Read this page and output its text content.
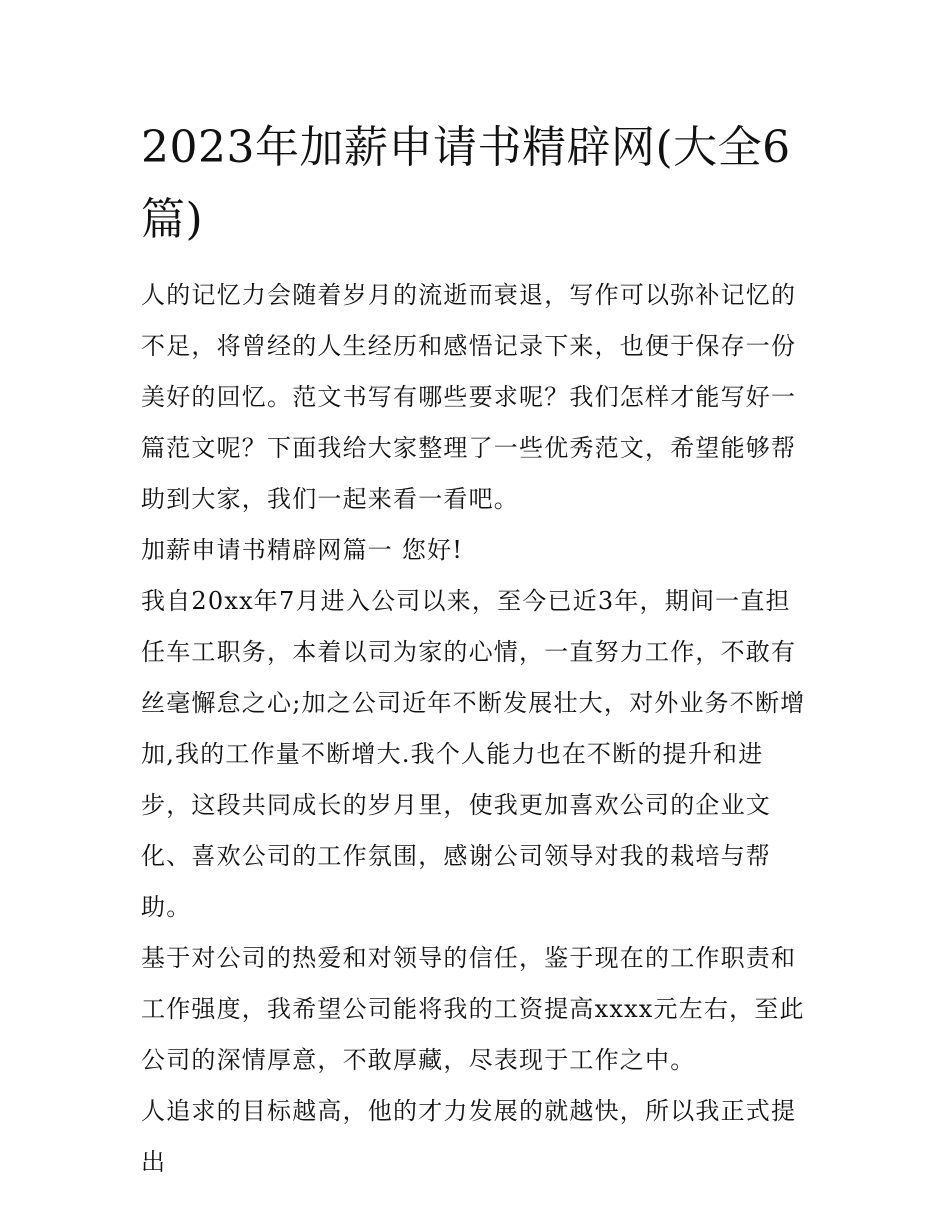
2023年加薪申请书精辟网(大全6篇)

人的记忆力会随着岁月的流逝而衰退，写作可以弥补记忆的不足，将曾经的人生经历和感悟记录下来，也便于保存一份美好的回忆。范文书写有哪些要求呢？我们怎样才能写好一篇范文呢？下面我给大家整理了一些优秀范文，希望能够帮助到大家，我们一起来看一看吧。

加薪申请书精辟网篇一 您好!

我自20xx年7月进入公司以来，至今已近3年，期间一直担任车工职务，本着以司为家的心情，一直努力工作，不敢有丝毫懈怠之心;加之公司近年不断发展壮大，对外业务不断增加,我的工作量不断增大.我个人能力也在不断的提升和进步，这段共同成长的岁月里，使我更加喜欢公司的企业文化、喜欢公司的工作氛围，感谢公司领导对我的栽培与帮助。

基于对公司的热爱和对领导的信任，鉴于现在的工作职责和工作强度，我希望公司能将我的工资提高xxxx元左右，至此公司的深情厚意，不敢厚藏，尽表现于工作之中。

人追求的目标越高，他的才力发展的就越快，所以我正式提出
